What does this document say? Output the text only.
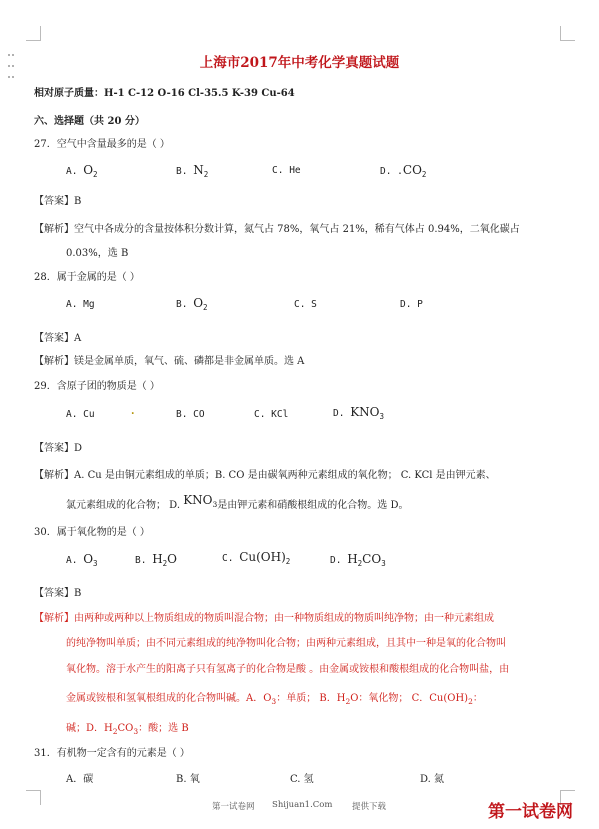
上海市2017年中考化学真题试题
相对原子质量：H-1 C-12 O-16 Cl-35.5 K-39 Cu-64
六、选择题（共 20 分）
27．空气中含量最多的是（ ）
A. $O_2$	B. $N_2$	C. He	D. $.CO_2$
【答案】B
【解析】空气中各成分的含量按体积分数计算，氮气占 78%，氧气占 21%，稀有气体占 0.94%，二氧化碳占
0.03%，选 B
28．属于金属的是（ ）
A. Mg	B. $O_2$	C. S	D. P
【答案】A
【解析】镁是金属单质，氧气、硫、磷都是非金属单质。选 A
29．含原子团的物质是（ ）
A. Cu	.	B. CO	C. KCl	D. $KNO_3$
【答案】D
【解析】A. Cu 是由铜元素组成的单质；B. CO 是由碳氧两种元素组成的氧化物； C. KCl 是由钾元素、
氯元素组成的化合物； D. KNO3是由钾元素和硝酸根组成的化合物。选 D。
30．属于氧化物的是（ ）
A. $O_3$	B. $H_2O$	C. $Cu(OH)_2$	D. $H_2CO_3$
【答案】B
【解析】由两种或两种以上物质组成的物质叫混合物；由一种物质组成的物质叫纯净物；由一种元素组成
的纯净物叫单质；由不同元素组成的纯净物叫化合物；由两种元素组成，且其中一种是氧的化合物叫
氧化物。溶于水产生的阳离子只有氢离子的化合物是酸 。由金属或铵根和酸根组成的化合物叫盐，由
金属或铵根和氢氧根组成的化合物叫碱。A．$O_3$：单质； B．$H_2O$：氧化物； C．$Cu(OH)_2$：
碱；D．$H_2CO_3$：酸；选 B
31．有机物一定含有的元素是（ ）
A．碳	B. 氧	C. 氢	D. 氮
第一试卷网 Shijuan1.Com 提供下载	第一试卷网
